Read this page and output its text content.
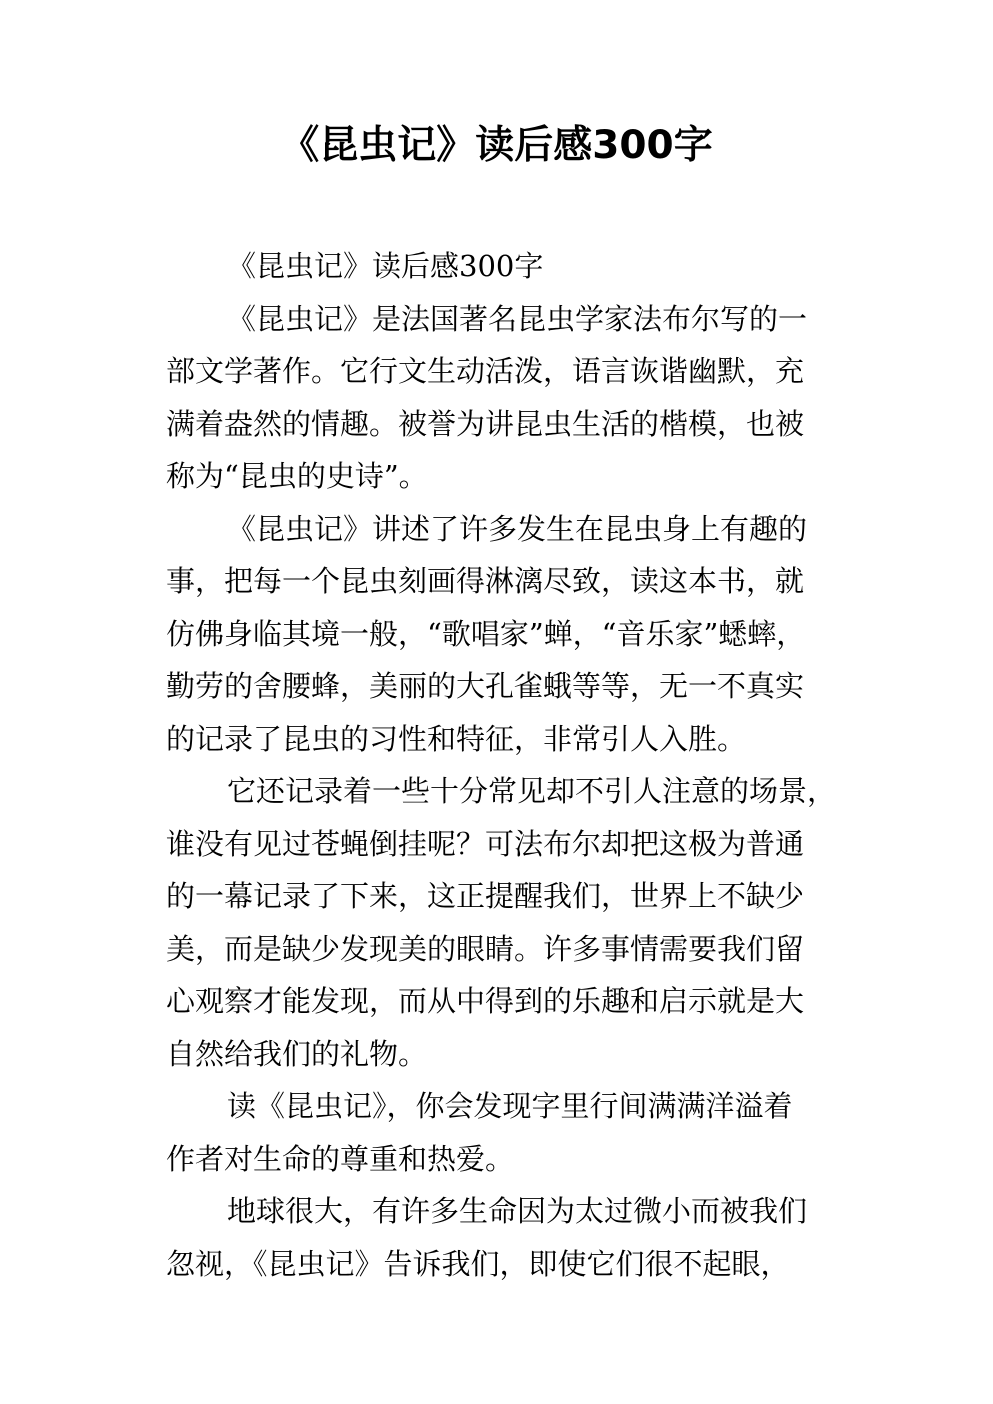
《昆虫记》读后感300字
《昆虫记》读后感300字
《昆虫记》是法国著名昆虫学家法布尔写的一
部文学著作。它行文生动活泼，语言诙谐幽默，充
满着盎然的情趣。被誉为讲昆虫生活的楷模，也被
称为“昆虫的史诗”。
《昆虫记》讲述了许多发生在昆虫身上有趣的
事，把每一个昆虫刻画得淋漓尽致，读这本书，就
仿佛身临其境一般，“歌唱家”蝉，“音乐家”蟋蟀，
勤劳的舍腰蜂，美丽的大孔雀蛾等等，无一不真实
的记录了昆虫的习性和特征，非常引人入胜。
它还记录着一些十分常见却不引人注意的场景，
谁没有见过苍蝇倒挂呢？可法布尔却把这极为普通
的一幕记录了下来，这正提醒我们，世界上不缺少
美，而是缺少发现美的眼睛。许多事情需要我们留
心观察才能发现，而从中得到的乐趣和启示就是大
自然给我们的礼物。
读《昆虫记》，你会发现字里行间满满洋溢着
作者对生命的尊重和热爱。
地球很大，有许多生命因为太过微小而被我们
忽视，《昆虫记》告诉我们，即使它们很不起眼，
